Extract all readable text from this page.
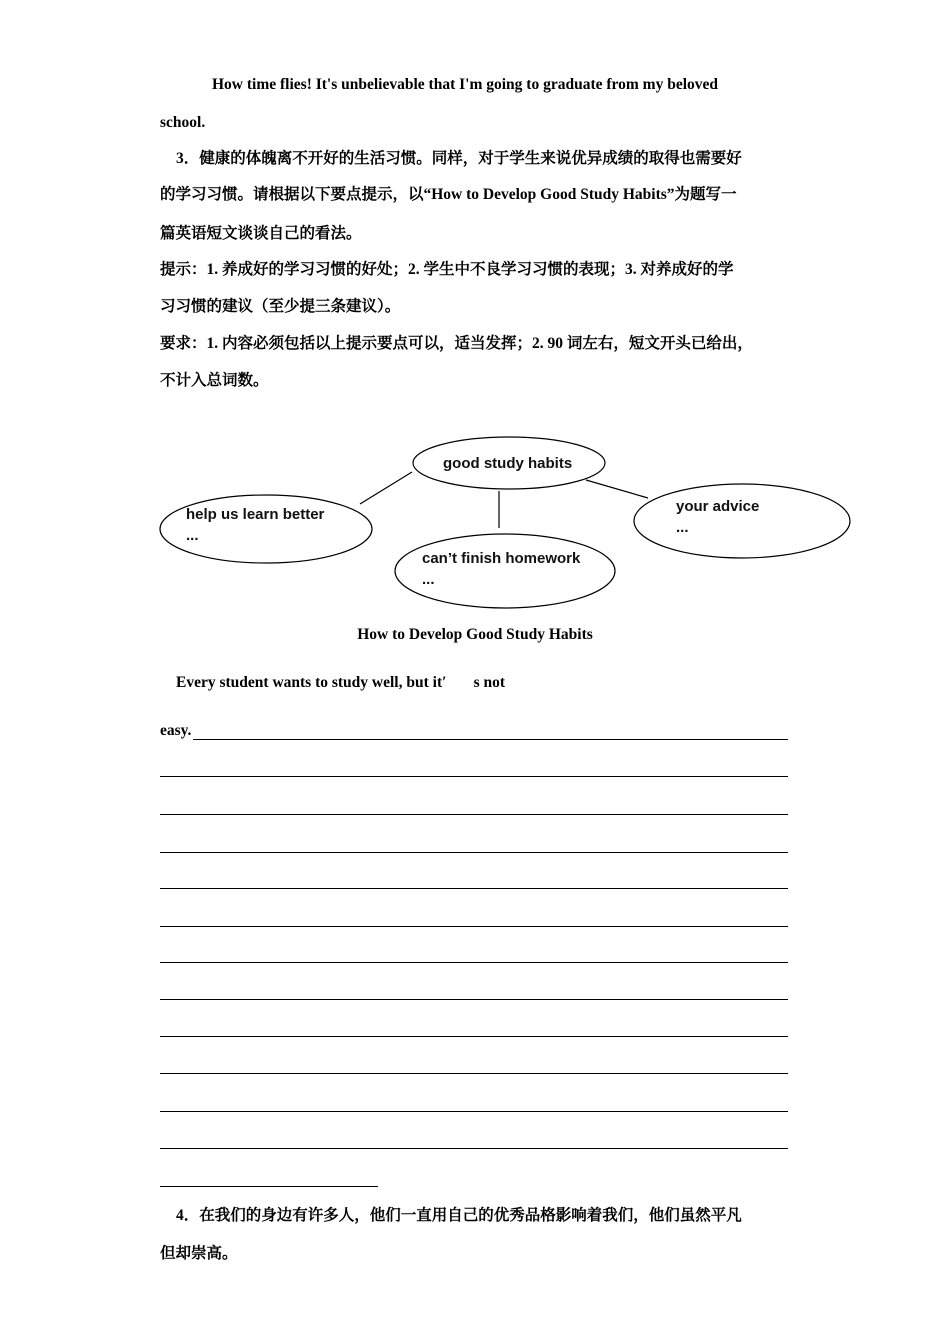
How time flies! It's unbelievable that I'm going to graduate from my beloved
school.
3．健康的体魄离不开好的生活习惯。同样，对于学生来说优异成绩的取得也需要好
的学习习惯。请根据以下要点提示，以“How to Develop Good Study Habits”为题写一
篇英语短文谈谈自己的看法。
提示：1. 养成好的学习习惯的好处；2. 学生中不良学习习惯的表现；3. 对养成好的学
习习惯的建议（至少提三条建议）。
要求：1. 内容必须包括以上提示要点可以，适当发挥；2. 90 词左右，短文开头已给出，
不计入总词数。
good study habits
help us learn better
...
can’t finish homework
...
your advice
...
How to Develop Good Study Habits
Every student wants to study well, but it′       s not
easy.
4．在我们的身边有许多人，他们一直用自己的优秀品格影响着我们，他们虽然平凡
但却崇高。
